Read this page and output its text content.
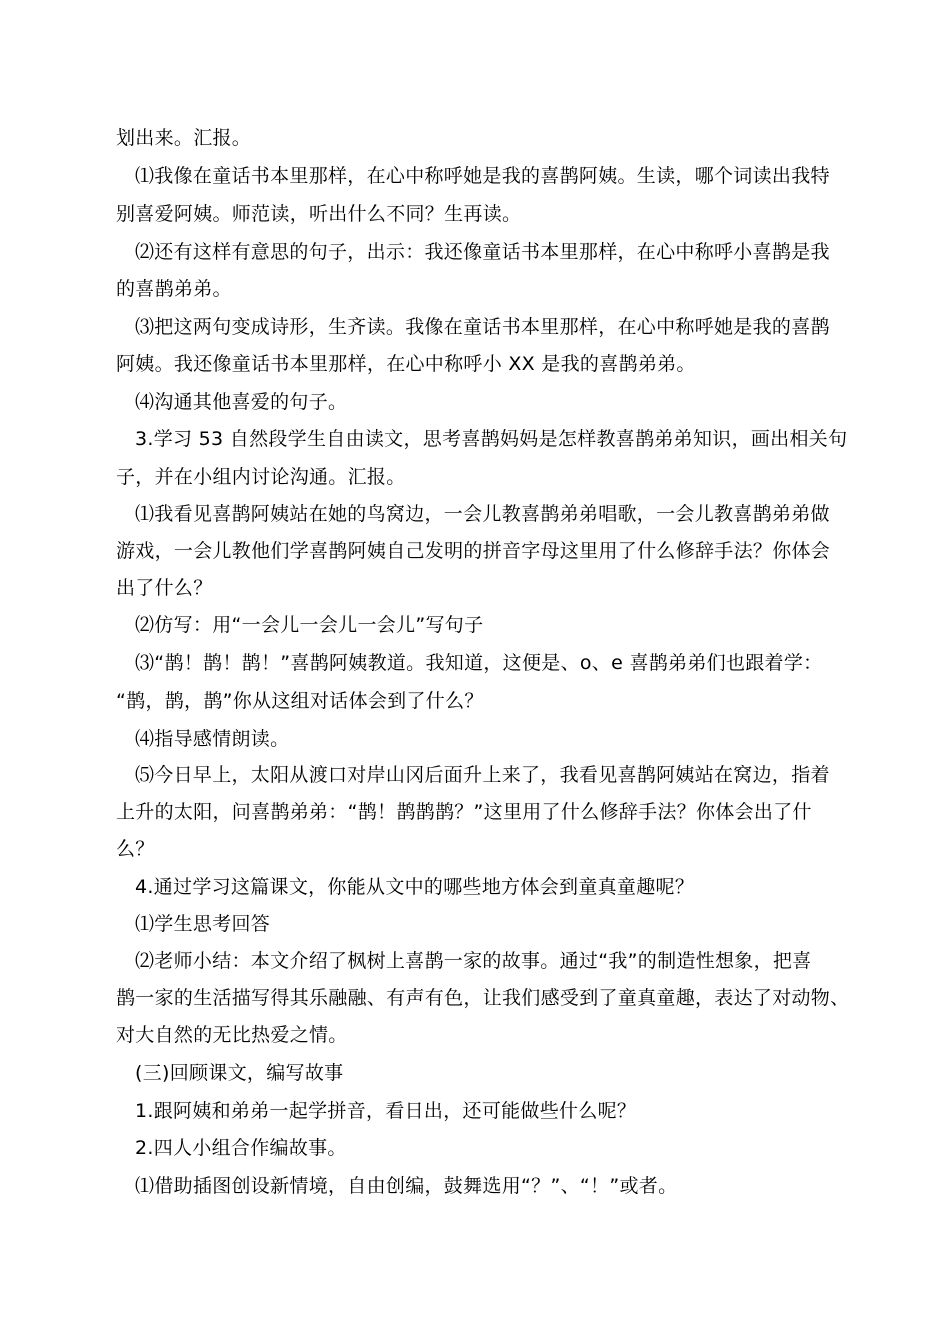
划出来。汇报。
⑴我像在童话书本里那样，在心中称呼她是我的喜鹊阿姨。生读，哪个词读出我特
别喜爱阿姨。师范读，听出什么不同？生再读。
⑵还有这样有意思的句子，出示：我还像童话书本里那样，在心中称呼小喜鹊是我
的喜鹊弟弟。
⑶把这两句变成诗形，生齐读。我像在童话书本里那样，在心中称呼她是我的喜鹊
阿姨。我还像童话书本里那样，在心中称呼小 XX 是我的喜鹊弟弟。
⑷沟通其他喜爱的句子。
3.学习 53 自然段学生自由读文，思考喜鹊妈妈是怎样教喜鹊弟弟知识，画出相关句
子，并在小组内讨论沟通。汇报。
⑴我看见喜鹊阿姨站在她的鸟窝边，一会儿教喜鹊弟弟唱歌，一会儿教喜鹊弟弟做
游戏，一会儿教他们学喜鹊阿姨自己发明的拼音字母这里用了什么修辞手法？你体会
出了什么？
⑵仿写：用“一会儿一会儿一会儿”写句子
⑶“鹊！鹊！鹊！”喜鹊阿姨教道。我知道，这便是、o、e 喜鹊弟弟们也跟着学：
“鹊，鹊，鹊”你从这组对话体会到了什么？
⑷指导感情朗读。
⑸今日早上，太阳从渡口对岸山冈后面升上来了，我看见喜鹊阿姨站在窝边，指着
上升的太阳，问喜鹊弟弟：“鹊！鹊鹊鹊？”这里用了什么修辞手法？你体会出了什
么？
4.通过学习这篇课文，你能从文中的哪些地方体会到童真童趣呢？
⑴学生思考回答
⑵老师小结：本文介绍了枫树上喜鹊一家的故事。通过“我”的制造性想象，把喜
鹊一家的生活描写得其乐融融、有声有色，让我们感受到了童真童趣，表达了对动物、
对大自然的无比热爱之情。
(三)回顾课文，编写故事
1.跟阿姨和弟弟一起学拼音，看日出，还可能做些什么呢？
2.四人小组合作编故事。
⑴借助插图创设新情境，自由创编，鼓舞选用“？”、“！”或者。
